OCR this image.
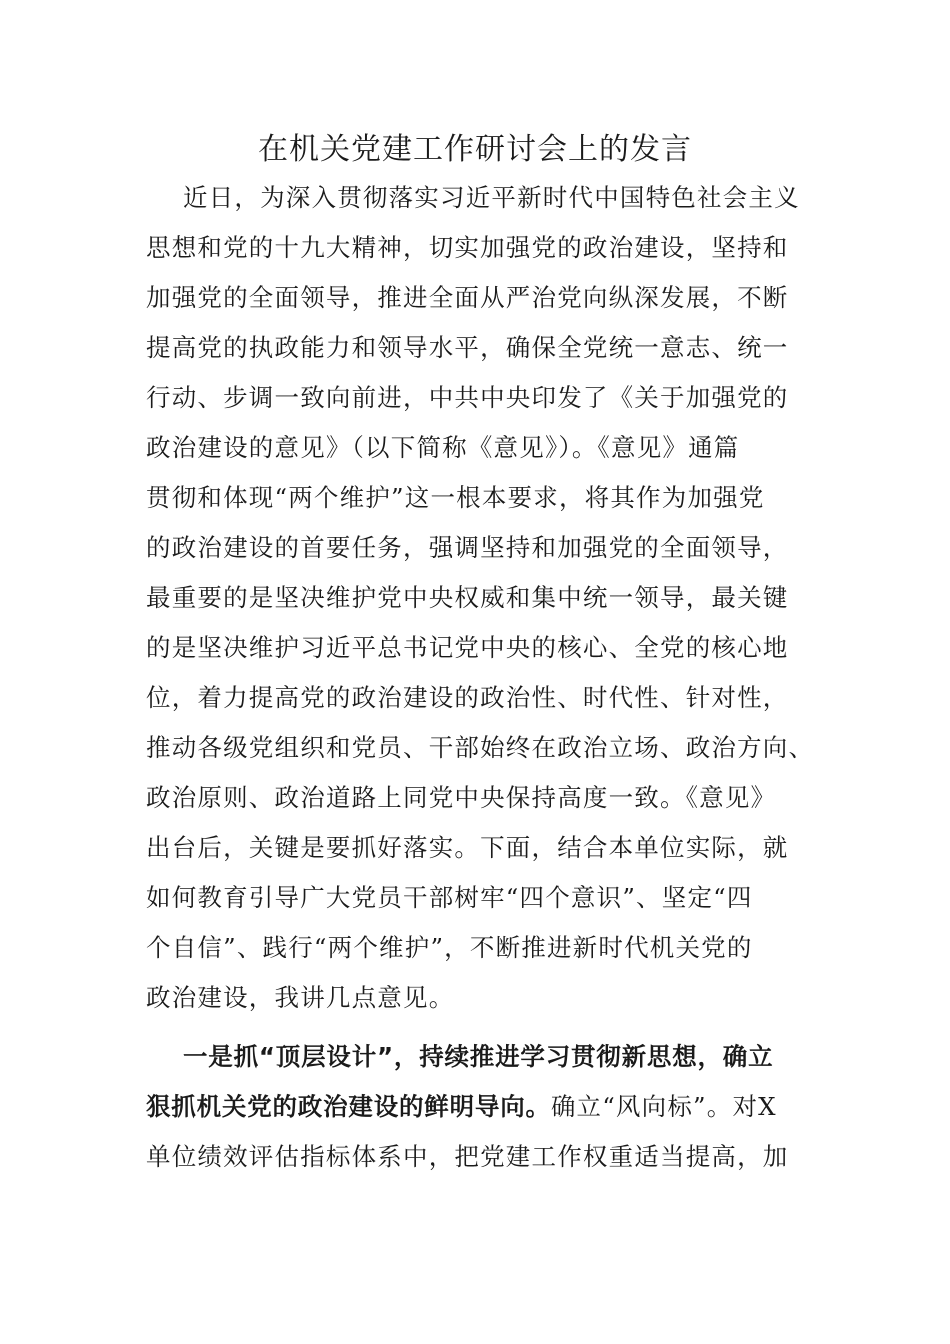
在机关党建工作研讨会上的发言
近日，为深入贯彻落实习近平新时代中国特色社会主义
思想和党的十九大精神，切实加强党的政治建设，坚持和
加强党的全面领导，推进全面从严治党向纵深发展，不断
提高党的执政能力和领导水平，确保全党统一意志、统一
行动、步调一致向前进，中共中央印发了《关于加强党的
政治建设的意见》（以下简称《意见》）。《意见》通篇
贯彻和体现“两个维护”这一根本要求，将其作为加强党
的政治建设的首要任务，强调坚持和加强党的全面领导，
最重要的是坚决维护党中央权威和集中统一领导，最关键
的是坚决维护习近平总书记党中央的核心、全党的核心地
位，着力提高党的政治建设的政治性、时代性、针对性，
推动各级党组织和党员、干部始终在政治立场、政治方向、
政治原则、政治道路上同党中央保持高度一致。《意见》
出台后，关键是要抓好落实。下面，结合本单位实际，就
如何教育引导广大党员干部树牢“四个意识”、坚定“四
个自信”、践行“两个维护”，不断推进新时代机关党的
政治建设，我讲几点意见。
一是抓“顶层设计”，持续推进学习贯彻新思想，确立
狠抓机关党的政治建设的鲜明导向。确立“风向标”。对X
单位绩效评估指标体系中，把党建工作权重适当提高，加
